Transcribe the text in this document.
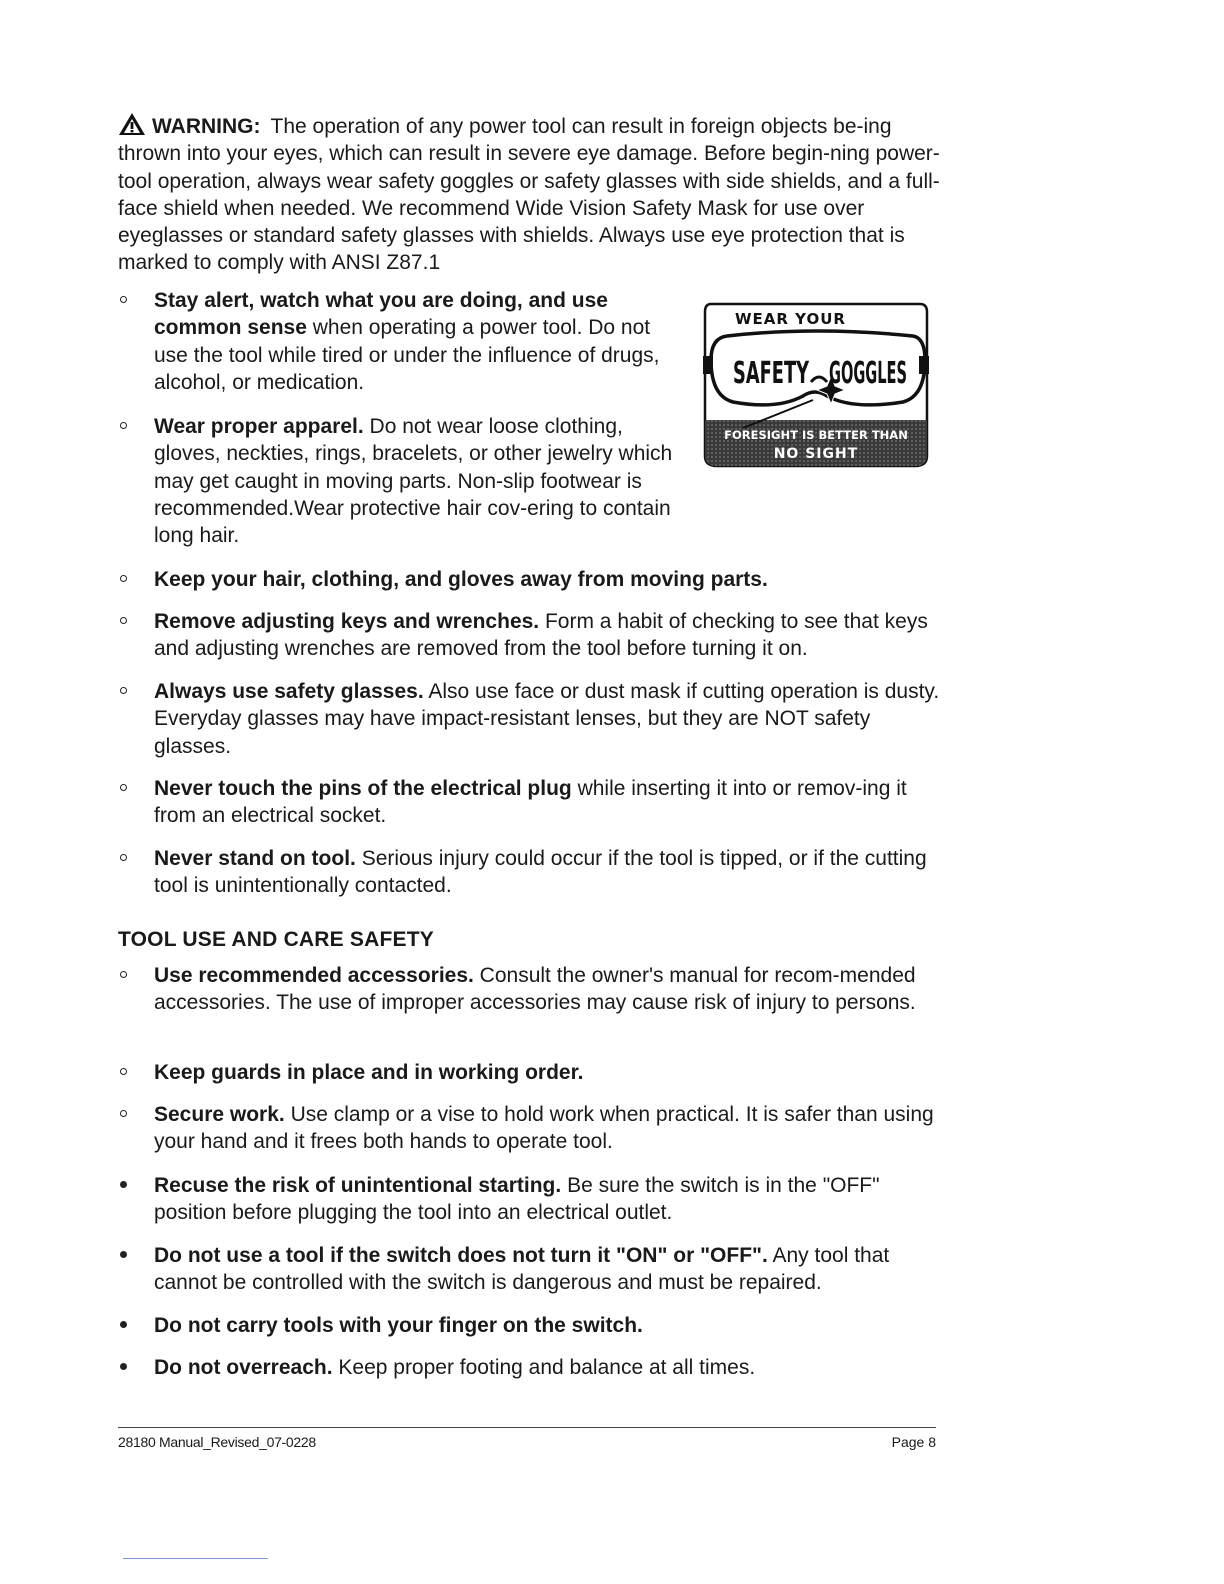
WARNING: The operation of any power tool can result in foreign objects be-ing thrown into your eyes, which can result in severe eye damage. Before begin-ning power-tool operation, always wear safety goggles or safety glasses with side shields, and a full-face shield when needed. We recommend Wide Vision Safety Mask for use over eyeglasses or standard safety glasses with shields. Always use eye protection that is marked to comply with ANSI Z87.1

Stay alert, watch what you are doing, and use common sense when operating a power tool. Do not use the tool while tired or under the influence of drugs, alcohol, or medication.

Wear proper apparel. Do not wear loose clothing, gloves, neckties, rings, bracelets, or other jewelry which may get caught in moving parts. Non-slip footwear is recommended.Wear protective hair cov-ering to contain long hair.

Keep your hair, clothing, and gloves away from moving parts.

Remove adjusting keys and wrenches. Form a habit of checking to see that keys and adjusting wrenches are removed from the tool before turning it on.

Always use safety glasses. Also use face or dust mask if cutting operation is dusty. Everyday glasses may have impact-resistant lenses, but they are NOT safety glasses.

Never touch the pins of the electrical plug while inserting it into or remov-ing it from an electrical socket.

Never stand on tool. Serious injury could occur if the tool is tipped, or if the cutting tool is unintentionally contacted.

WEAR YOUR
SAFETY GOGGLES
FORESIGHT IS BETTER THAN
NO SIGHT
TOOL USE AND CARE SAFETY

Use recommended accessories. Consult the owner's manual for recom-mended accessories. The use of improper accessories may cause risk of injury to persons.

Keep guards in place and in working order.

Secure work. Use clamp or a vise to hold work when practical. It is safer than using your hand and it frees both hands to operate tool.

Recuse the risk of unintentional starting. Be sure the switch is in the "OFF" position before plugging the tool into an electrical outlet.

Do not use a tool if the switch does not turn it "ON" or "OFF". Any tool that cannot be controlled with the switch is dangerous and must be repaired.

Do not carry tools with your finger on the switch.

Do not overreach. Keep proper footing and balance at all times.

28180 Manual_Revised_07-0228	Page 8
